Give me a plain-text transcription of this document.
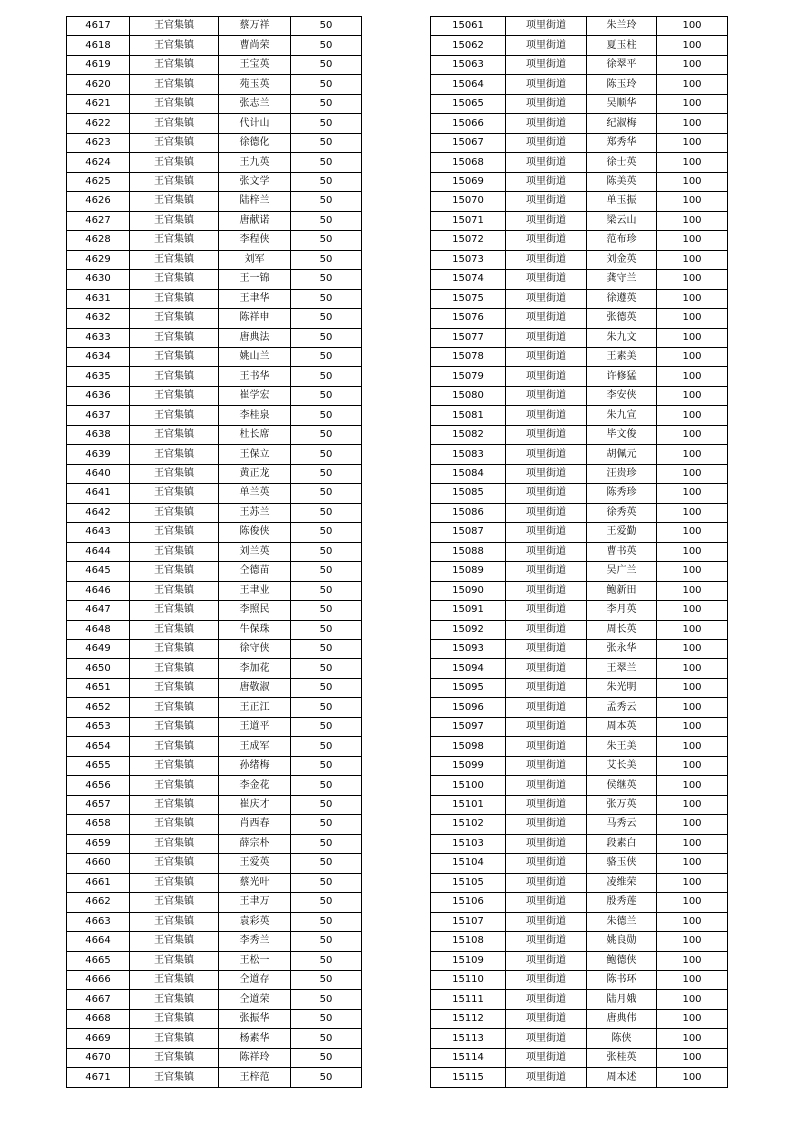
4617	王官集镇	蔡万祥	50
4618	王官集镇	曹尚荣	50
4619	王官集镇	王宝英	50
4620	王官集镇	苑玉英	50
4621	王官集镇	张志兰	50
4622	王官集镇	代计山	50
4623	王官集镇	徐德化	50
4624	王官集镇	王九英	50
4625	王官集镇	张文学	50
4626	王官集镇	陆梓兰	50
4627	王官集镇	唐献诺	50
4628	王官集镇	李程侠	50
4629	王官集镇	刘军	50
4630	王官集镇	王一锦	50
4631	王官集镇	王聿华	50
4632	王官集镇	陈祥申	50
4633	王官集镇	唐典法	50
4634	王官集镇	姚山兰	50
4635	王官集镇	王书华	50
4636	王官集镇	崔学宏	50
4637	王官集镇	李桂泉	50
4638	王官集镇	杜长席	50
4639	王官集镇	王保立	50
4640	王官集镇	黄正龙	50
4641	王官集镇	单兰英	50
4642	王官集镇	王苏兰	50
4643	王官集镇	陈俊侠	50
4644	王官集镇	刘兰英	50
4645	王官集镇	仝德苗	50
4646	王官集镇	王聿业	50
4647	王官集镇	李照民	50
4648	王官集镇	牛保珠	50
4649	王官集镇	徐守侠	50
4650	王官集镇	李加花	50
4651	王官集镇	唐敬淑	50
4652	王官集镇	王正江	50
4653	王官集镇	王道平	50
4654	王官集镇	王成军	50
4655	王官集镇	孙绪梅	50
4656	王官集镇	李金花	50
4657	王官集镇	崔庆才	50
4658	王官集镇	肖西春	50
4659	王官集镇	薛宗朴	50
4660	王官集镇	王爱英	50
4661	王官集镇	蔡光叶	50
4662	王官集镇	王聿万	50
4663	王官集镇	袁彩英	50
4664	王官集镇	李秀兰	50
4665	王官集镇	王松一	50
4666	王官集镇	仝道存	50
4667	王官集镇	仝道荣	50
4668	王官集镇	张振华	50
4669	王官集镇	杨素华	50
4670	王官集镇	陈祥玲	50
4671	王官集镇	王梓范	50
15061	项里街道	朱兰玲	100
15062	项里街道	夏玉柱	100
15063	项里街道	徐翠平	100
15064	项里街道	陈玉玲	100
15065	项里街道	吴顺华	100
15066	项里街道	纪淑梅	100
15067	项里街道	郑秀华	100
15068	项里街道	徐士英	100
15069	项里街道	陈美英	100
15070	项里街道	单玉振	100
15071	项里街道	梁云山	100
15072	项里街道	范布珍	100
15073	项里街道	刘金英	100
15074	项里街道	龚守兰	100
15075	项里街道	徐遵英	100
15076	项里街道	张德英	100
15077	项里街道	朱九文	100
15078	项里街道	王素美	100
15079	项里街道	许修猛	100
15080	项里街道	李安侠	100
15081	项里街道	朱九宣	100
15082	项里街道	毕文俊	100
15083	项里街道	胡佩元	100
15084	项里街道	汪贵珍	100
15085	项里街道	陈秀珍	100
15086	项里街道	徐秀英	100
15087	项里街道	王爱勤	100
15088	项里街道	曹书英	100
15089	项里街道	吴广兰	100
15090	项里街道	鲍新田	100
15091	项里街道	李月英	100
15092	项里街道	周长英	100
15093	项里街道	张永华	100
15094	项里街道	王翠兰	100
15095	项里街道	朱光明	100
15096	项里街道	孟秀云	100
15097	项里街道	周本英	100
15098	项里街道	朱王美	100
15099	项里街道	艾长美	100
15100	项里街道	侯继英	100
15101	项里街道	张万英	100
15102	项里街道	马秀云	100
15103	项里街道	段素白	100
15104	项里街道	骆玉侠	100
15105	项里街道	凌维荣	100
15106	项里街道	殷秀莲	100
15107	项里街道	朱德兰	100
15108	项里街道	姚良勋	100
15109	项里街道	鲍德侠	100
15110	项里街道	陈书环	100
15111	项里街道	陆月娥	100
15112	项里街道	唐典伟	100
15113	项里街道	陈侠	100
15114	项里街道	张桂英	100
15115	项里街道	周本述	100
